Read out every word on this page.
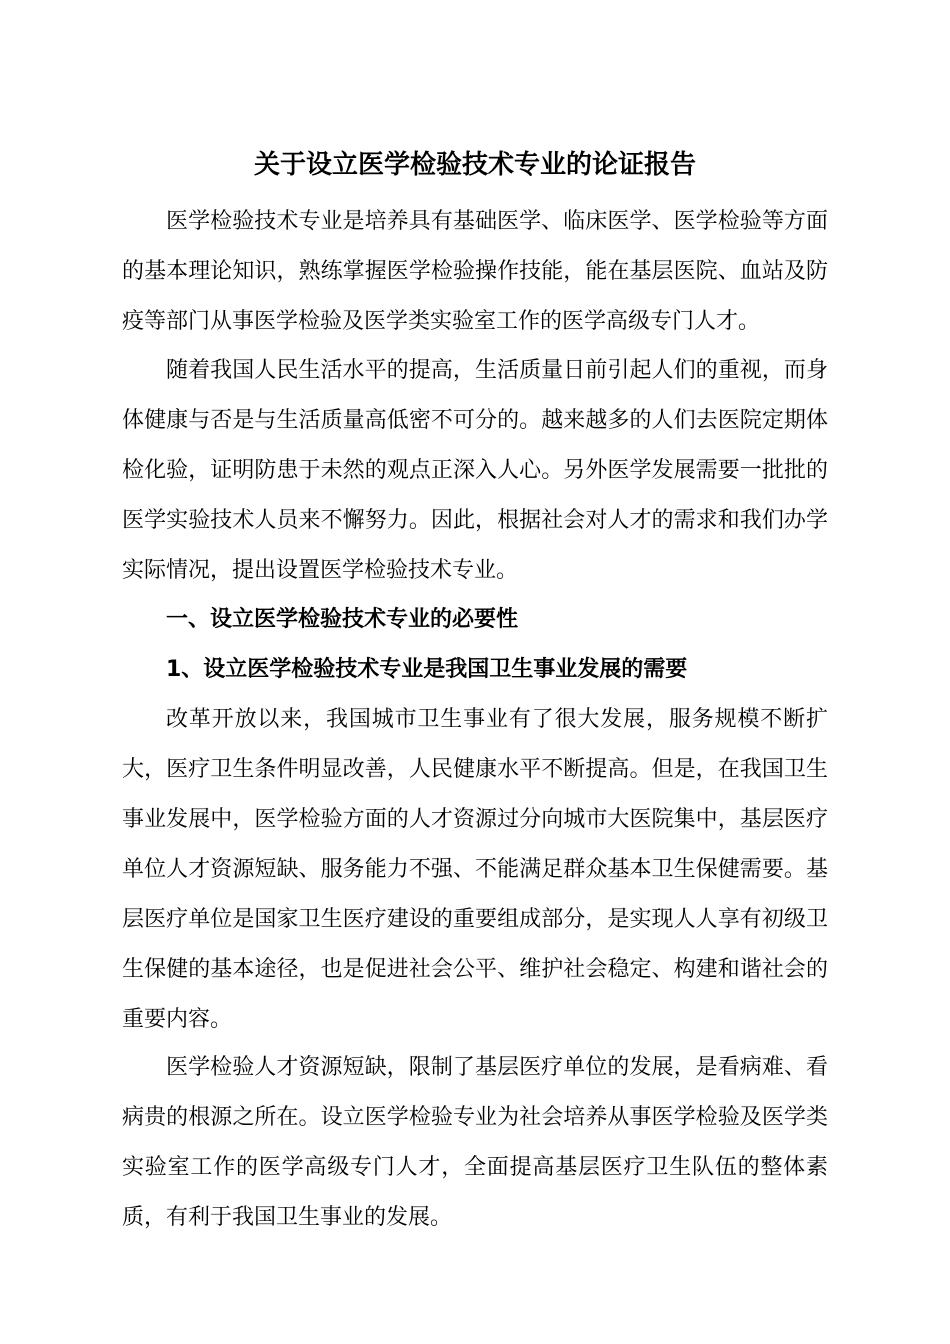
关于设立医学检验技术专业的论证报告

医学检验技术专业是培养具有基础医学、临床医学、医学检验等方面的基本理论知识，熟练掌握医学检验操作技能，能在基层医院、血站及防疫等部门从事医学检验及医学类实验室工作的医学高级专门人才。

随着我国人民生活水平的提高，生活质量日前引起人们的重视，而身体健康与否是与生活质量高低密不可分的。越来越多的人们去医院定期体检化验，证明防患于未然的观点正深入人心。另外医学发展需要一批批的医学实验技术人员来不懈努力。因此，根据社会对人才的需求和我们办学实际情况，提出设置医学检验技术专业。

一、设立医学检验技术专业的必要性
1、设立医学检验技术专业是我国卫生事业发展的需要

改革开放以来，我国城市卫生事业有了很大发展，服务规模不断扩大，医疗卫生条件明显改善，人民健康水平不断提高。但是，在我国卫生事业发展中，医学检验方面的人才资源过分向城市大医院集中，基层医疗单位人才资源短缺、服务能力不强、不能满足群众基本卫生保健需要。基层医疗单位是国家卫生医疗建设的重要组成部分，是实现人人享有初级卫生保健的基本途径，也是促进社会公平、维护社会稳定、构建和谐社会的重要内容。

医学检验人才资源短缺，限制了基层医疗单位的发展，是看病难、看病贵的根源之所在。设立医学检验专业为社会培养从事医学检验及医学类实验室工作的医学高级专门人才，全面提高基层医疗卫生队伍的整体素质，有利于我国卫生事业的发展。
